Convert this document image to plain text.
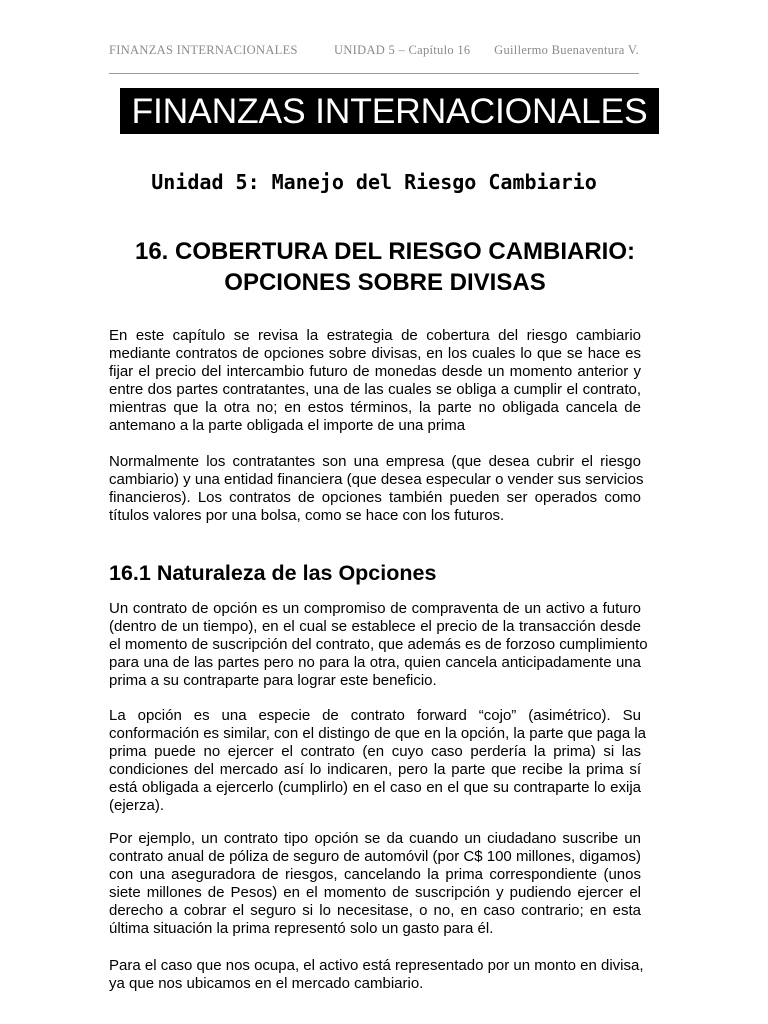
FINANZAS INTERNACIONALES	UNIDAD 5 – Capítulo 16 Guillermo Buenaventura V.
FINANZAS INTERNACIONALES
Unidad 5: Manejo del Riesgo Cambiario
16. COBERTURA DEL RIESGO CAMBIARIO:
OPCIONES SOBRE DIVISAS
En este capítulo se revisa la estrategia de cobertura del riesgo cambiario
mediante contratos de opciones sobre divisas, en los cuales lo que se hace es
fijar el precio del intercambio futuro de monedas desde un momento anterior y
entre dos partes contratantes, una de las cuales se obliga a cumplir el contrato,
mientras que la otra no; en estos términos, la parte no obligada cancela de
antemano a la parte obligada el importe de una prima
Normalmente los contratantes son una empresa (que desea cubrir el riesgo
cambiario) y una entidad financiera (que desea especular o vender sus servicios
financieros). Los contratos de opciones también pueden ser operados como
títulos valores por una bolsa, como se hace con los futuros.
16.1 Naturaleza de las Opciones
Un contrato de opción es un compromiso de compraventa de un activo a futuro
(dentro de un tiempo), en el cual se establece el precio de la transacción desde
el momento de suscripción del contrato, que además es de forzoso cumplimiento
para una de las partes pero no para la otra, quien cancela anticipadamente una
prima a su contraparte para lograr este beneficio.
La opción es una especie de contrato forward “cojo” (asimétrico). Su
conformación es similar, con el distingo de que en la opción, la parte que paga la
prima puede no ejercer el contrato (en cuyo caso perdería la prima) si las
condiciones del mercado así lo indicaren, pero la parte que recibe la prima sí
está obligada a ejercerlo (cumplirlo) en el caso en el que su contraparte lo exija
(ejerza).
Por ejemplo, un contrato tipo opción se da cuando un ciudadano suscribe un
contrato anual de póliza de seguro de automóvil (por C$ 100 millones, digamos)
con una aseguradora de riesgos, cancelando la prima correspondiente (unos
siete millones de Pesos) en el momento de suscripción y pudiendo ejercer el
derecho a cobrar el seguro si lo necesitase, o no, en caso contrario; en esta
última situación la prima representó solo un gasto para él.
Para el caso que nos ocupa, el activo está representado por un monto en divisa,
ya que nos ubicamos en el mercado cambiario.
